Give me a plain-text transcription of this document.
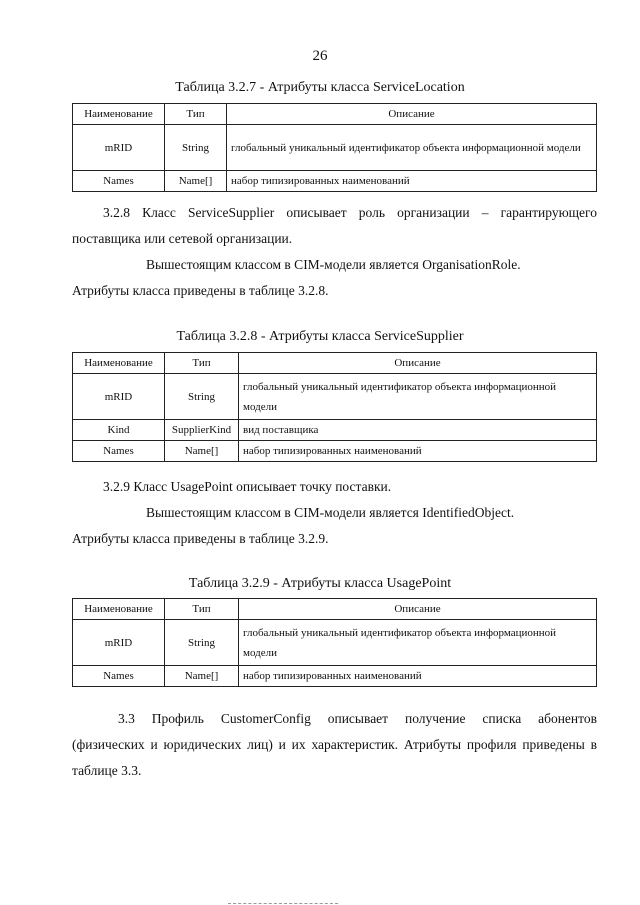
26
Таблица 3.2.7 - Атрибуты класса ServiceLocation
Наименование	Тип	Описание
mRID	String	глобальный уникальный идентификатор объекта информационной модели
Names	Name[]	набор типизированных наименований
3.2.8 Класс ServiceSupplier описывает роль организации – гарантирующего
поставщика или сетевой организации.
Вышестоящим классом в CIM-модели является OrganisationRole.
Атрибуты класса приведены в таблице 3.2.8.
Таблица 3.2.8 - Атрибуты класса ServiceSupplier
Наименование	Тип	Описание
mRID	String	глобальный уникальный идентификатор объекта информационной модели
Kind	SupplierKind	вид поставщика
Names	Name[]	набор типизированных наименований
3.2.9 Класс UsagePoint описывает точку поставки.
Вышестоящим классом в CIM-модели является IdentifiedObject.
Атрибуты класса приведены в таблице 3.2.9.
Таблица 3.2.9 - Атрибуты класса UsagePoint
Наименование	Тип	Описание
mRID	String	глобальный уникальный идентификатор объекта информационной модели
Names	Name[]	набор типизированных наименований
3.3 Профиль CustomerConfig описывает получение списка абонентов
(физических и юридических лиц) и их характеристик. Атрибуты профиля приведены в
таблице 3.3.
